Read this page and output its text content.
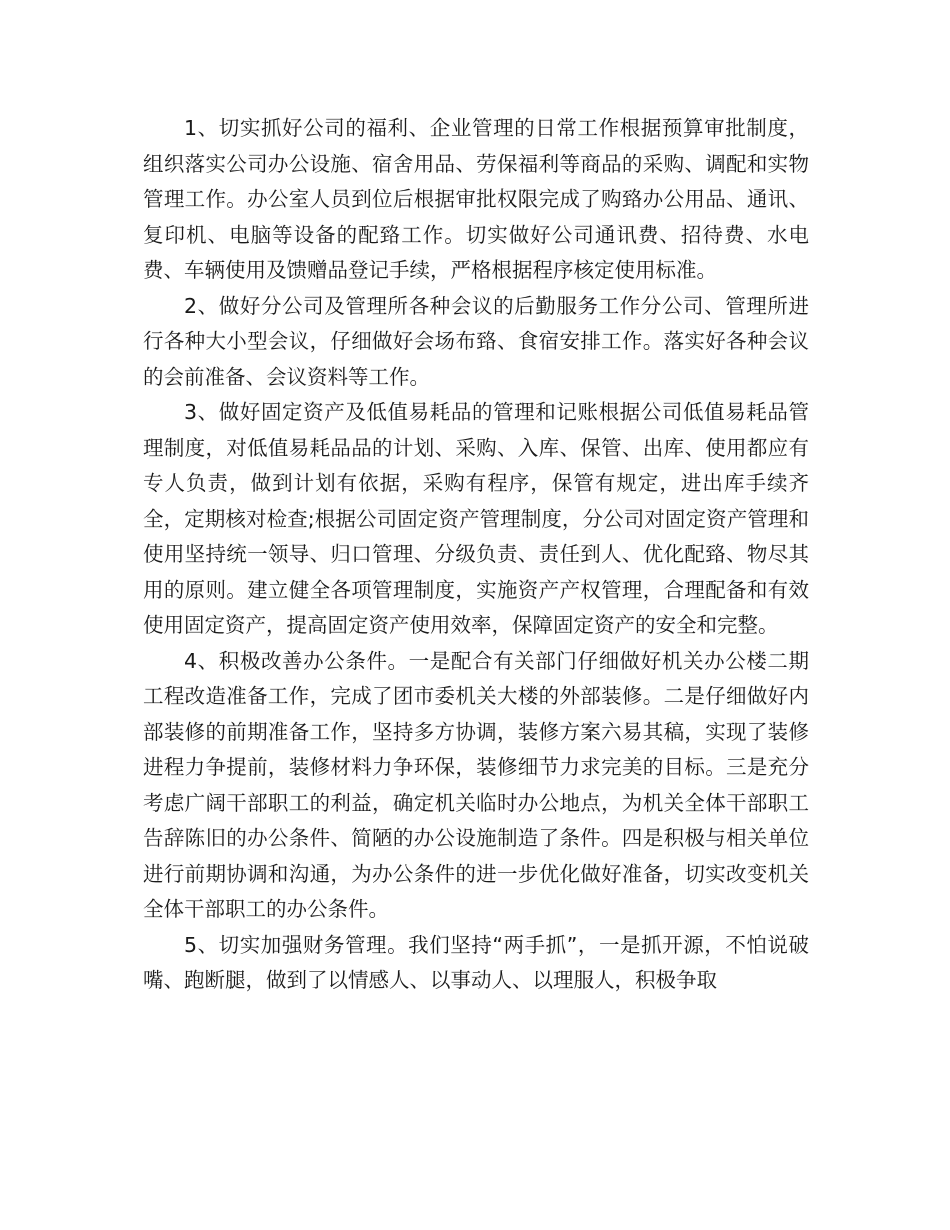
1、切实抓好公司的福利、企业管理的日常工作根据预算审批制度，组织落实公司办公设施、宿舍用品、劳保福利等商品的采购、调配和实物管理工作。办公室人员到位后根据审批权限完成了购臵办公用品、通讯、复印机、电脑等设备的配臵工作。切实做好公司通讯费、招待费、水电费、车辆使用及馈赠品登记手续，严格根据程序核定使用标准。

2、做好分公司及管理所各种会议的后勤服务工作分公司、管理所进行各种大小型会议，仔细做好会场布臵、食宿安排工作。落实好各种会议的会前准备、会议资料等工作。

3、做好固定资产及低值易耗品的管理和记账根据公司低值易耗品管理制度，对低值易耗品品的计划、采购、入库、保管、出库、使用都应有专人负责，做到计划有依据，采购有程序，保管有规定，进出库手续齐全，定期核对检查;根据公司固定资产管理制度，分公司对固定资产管理和使用坚持统一领导、归口管理、分级负责、责任到人、优化配臵、物尽其用的原则。建立健全各项管理制度，实施资产产权管理，合理配备和有效使用固定资产，提高固定资产使用效率，保障固定资产的安全和完整。

4、积极改善办公条件。一是配合有关部门仔细做好机关办公楼二期工程改造准备工作，完成了团市委机关大楼的外部装修。二是仔细做好内部装修的前期准备工作，坚持多方协调，装修方案六易其稿，实现了装修进程力争提前，装修材料力争环保，装修细节力求完美的目标。三是充分考虑广阔干部职工的利益，确定机关临时办公地点，为机关全体干部职工告辞陈旧的办公条件、简陋的办公设施制造了条件。四是积极与相关单位进行前期协调和沟通，为办公条件的进一步优化做好准备，切实改变机关全体干部职工的办公条件。

5、切实加强财务管理。我们坚持“两手抓”，一是抓开源，不怕说破嘴、跑断腿，做到了以情感人、以事动人、以理服人，积极争取
